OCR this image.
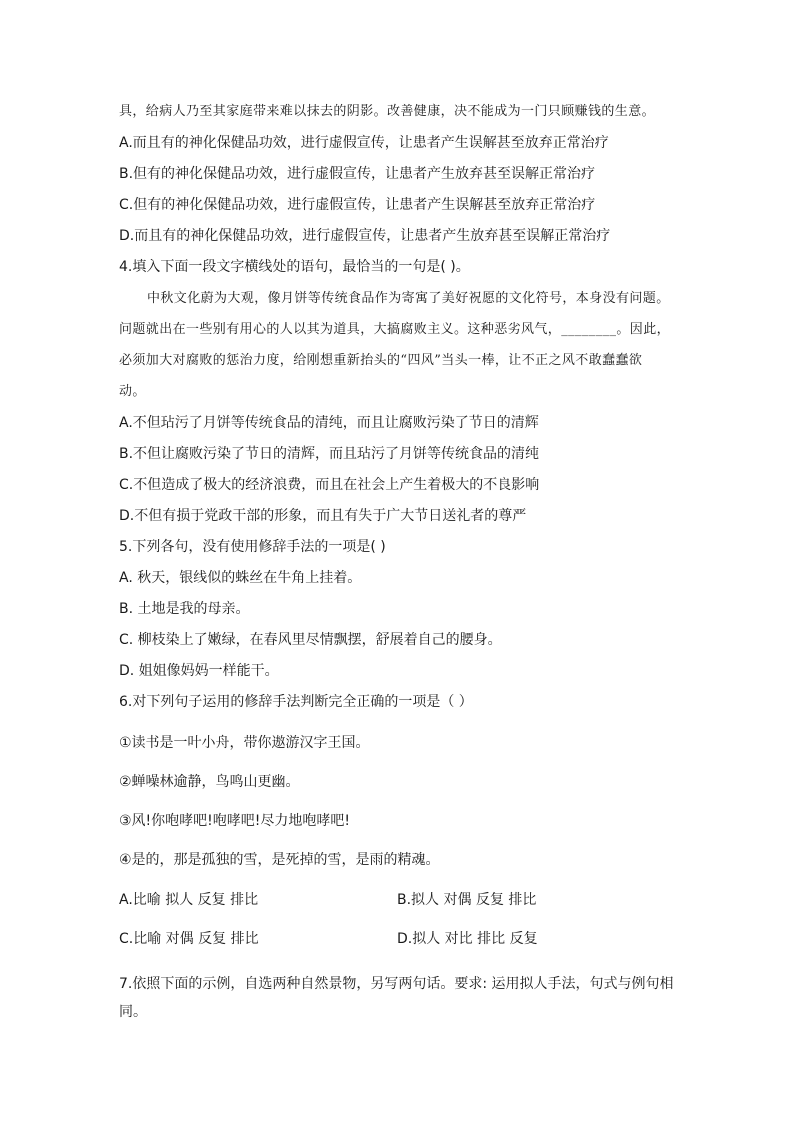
具，给病人乃至其家庭带来难以抹去的阴影。改善健康，决不能成为一门只顾赚钱的生意。
A.而且有的神化保健品功效，进行虚假宣传，让患者产生误解甚至放弃正常治疗
B.但有的神化保健品功效，进行虚假宣传，让患者产生放弃甚至误解正常治疗
C.但有的神化保健品功效，进行虚假宣传，让患者产生误解甚至放弃正常治疗
D.而且有的神化保健品功效，进行虚假宣传，让患者产生放弃甚至误解正常治疗
4.填入下面一段文字横线处的语句，最恰当的一句是( )。
中秋文化蔚为大观，像月饼等传统食品作为寄寓了美好祝愿的文化符号，本身没有问题。
问题就出在一些别有用心的人以其为道具，大搞腐败主义。这种恶劣风气，________。因此，
必须加大对腐败的惩治力度，给刚想重新抬头的“四风”当头一棒，让不正之风不敢蠢蠢欲
动。
A.不但玷污了月饼等传统食品的清纯，而且让腐败污染了节日的清辉
B.不但让腐败污染了节日的清辉，而且玷污了月饼等传统食品的清纯
C.不但造成了极大的经济浪费，而且在社会上产生着极大的不良影响
D.不但有损于党政干部的形象，而且有失于广大节日送礼者的尊严
5.下列各句，没有使用修辞手法的一项是( )
A. 秋天，银线似的蛛丝在牛角上挂着。
B. 土地是我的母亲。
C. 柳枝染上了嫩绿，在春风里尽情飘摆，舒展着自己的腰身。
D. 姐姐像妈妈一样能干。
6.对下列句子运用的修辞手法判断完全正确的一项是（ ）
①读书是一叶小舟，带你遨游汉字王国。
②蝉噪林逾静，鸟鸣山更幽。
③风!你咆哮吧!咆哮吧!尽力地咆哮吧!
④是的，那是孤独的雪，是死掉的雪，是雨的精魂。
A.比喻 拟人 反复 排比	B.拟人 对偶 反复 排比
C.比喻 对偶 反复 排比	D.拟人 对比 排比 反复
7.依照下面的示例，自选两种自然景物，另写两句话。要求: 运用拟人手法，句式与例句相同。
